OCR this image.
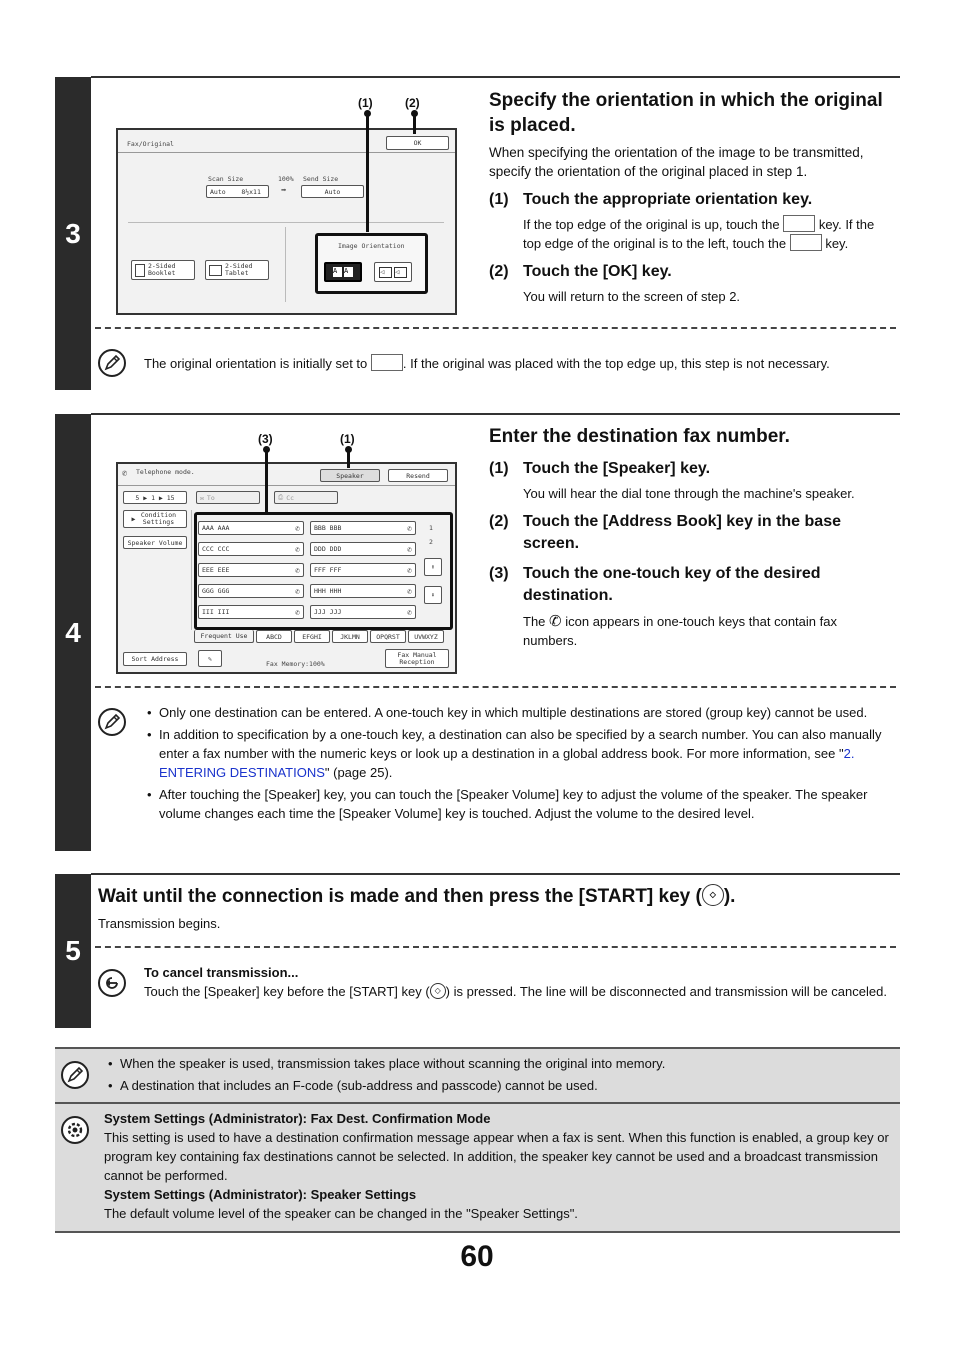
3
(1)	(2)
Fax/Original	OK
Scan Size	100% Send Size
Auto
8½x11 ➡	Auto
2-Sided Booklet
2-Sided Tablet
Image Orientation
A A	◁	◁
Specify the orientation in which the original is placed.
When specifying the orientation of the image to be transmitted, specify the orientation of the original placed in step 1.
(1) Touch the appropriate orientation key.
If the top edge of the original is up, touch the	key. If the top edge of the original is to the left, touch the	key.
(2) Touch the [OK] key.
You will return to the screen of step 2.
The original orientation is initially set to	. If the original was placed with the top edge up, this step is not necessary.
4
(3)	(1)
✆ Telephone mode.	Speaker	Resend
5 ▶ 1 ▶ 15	✉ To	⎙ Cc
▶ Condition Settings
Speaker Volume
AAA AAA	✆ BBB BBB	✆
CCC CCC	✆ DDD DDD	✆
EEE EEE	✆ FFF FFF	✆
GGG GGG	✆ HHH HHH	✆
III III	✆ JJJ JJJ	✆
1
2
⬆
⬇
Frequent Use	ABCD	EFGHI	JKLMN	OPQRST	UVWXYZ
Sort Address	✎
Fax Memory:100%
Fax Manual Reception
Enter the destination fax number.
(1) Touch the [Speaker] key.
You will hear the dial tone through the machine's speaker.
(2) Touch the [Address Book] key in the base screen.
(3) Touch the one-touch key of the desired destination.
The ✆ icon appears in one-touch keys that contain fax numbers.
• Only one destination can be entered. A one-touch key in which multiple destinations are stored (group key) cannot be used.
• In addition to specification by a one-touch key, a destination can also be specified by a search number. You can also manually enter a fax number with the numeric keys or look up a destination in a global address book. For more information, see "2. ENTERING DESTINATIONS" (page 25).
• After touching the [Speaker] key, you can touch the [Speaker Volume] key to adjust the volume of the speaker. The speaker volume changes each time the [Speaker Volume] key is touched. Adjust the volume to the desired level.
5
Wait until the connection is made and then press the [START] key ( ◇ ).
Transmission begins.
To cancel transmission...
Touch the [Speaker] key before the [START] key ( ◇ ) is pressed. The line will be disconnected and transmission will be canceled.
• When the speaker is used, transmission takes place without scanning the original into memory.
• A destination that includes an F-code (sub-address and passcode) cannot be used.
System Settings (Administrator): Fax Dest. Confirmation Mode
This setting is used to have a destination confirmation message appear when a fax is sent. When this function is enabled, a group key or program key containing fax destinations cannot be selected. In addition, the speaker key cannot be used and a broadcast transmission cannot be performed.
System Settings (Administrator): Speaker Settings
The default volume level of the speaker can be changed in the "Speaker Settings".
60
